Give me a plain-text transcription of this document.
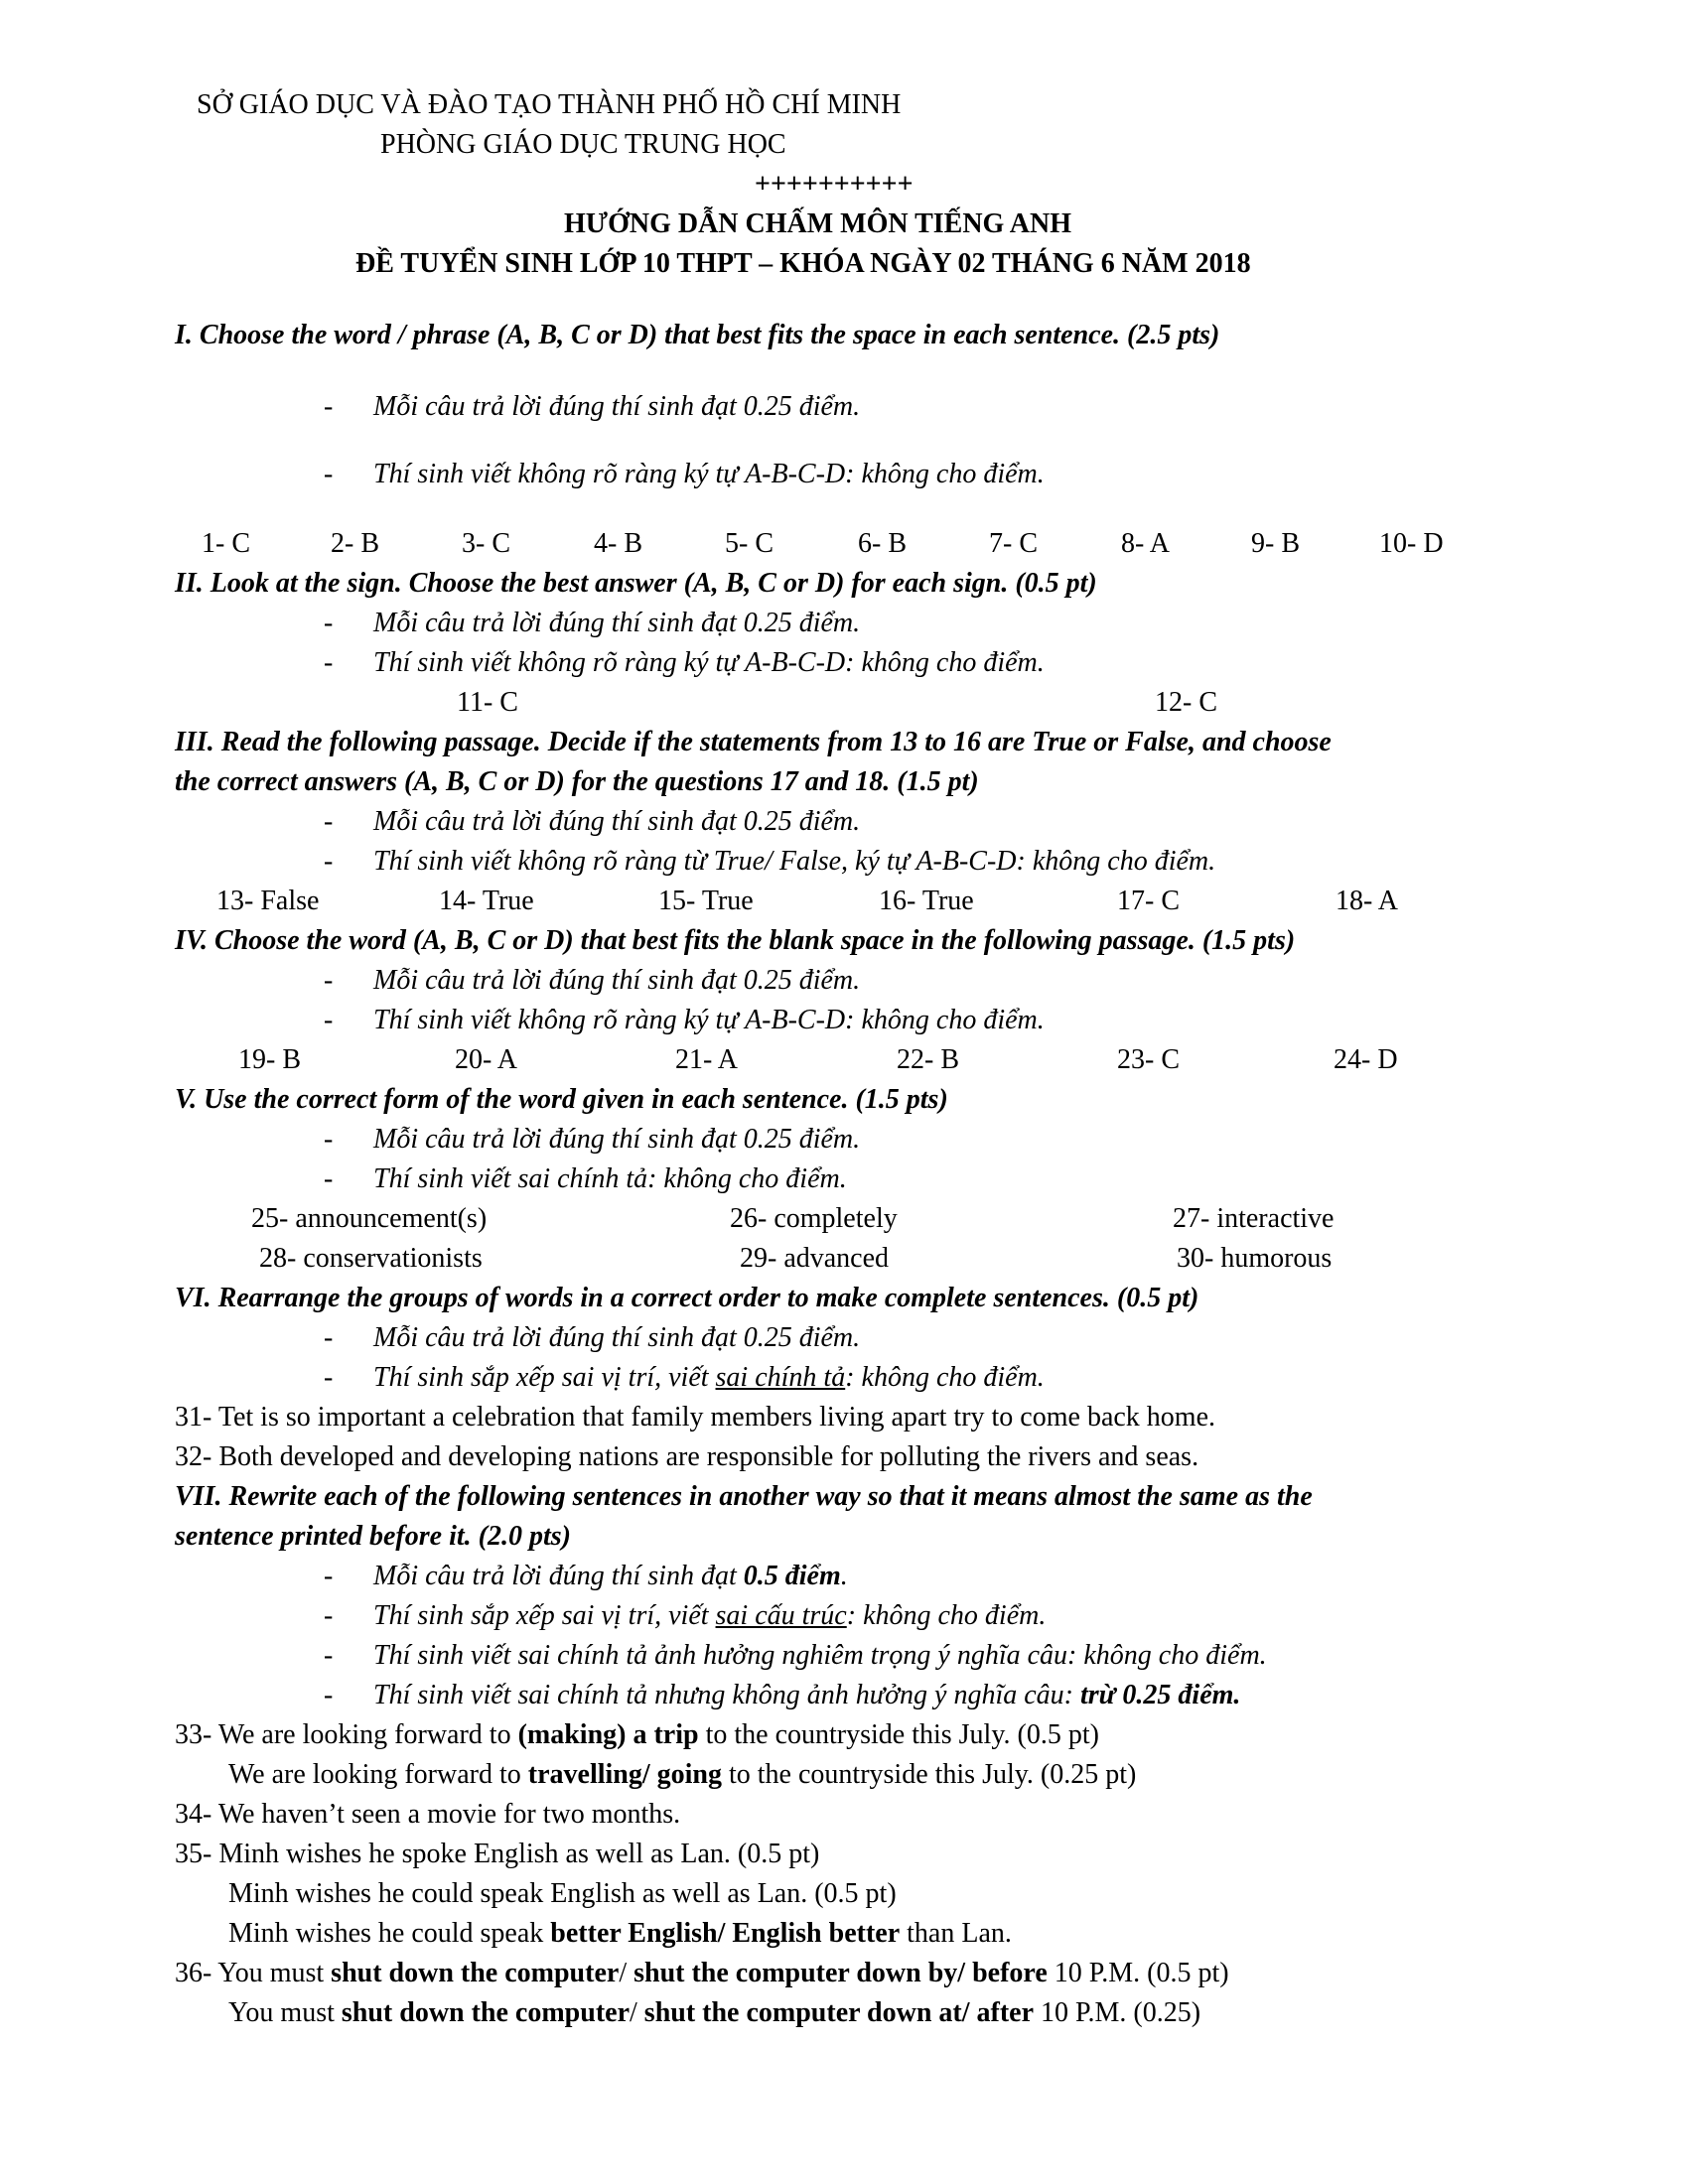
SỞ GIÁO DỤC VÀ ĐÀO TẠO THÀNH PHỐ HỒ CHÍ MINH
PHÒNG GIÁO DỤC TRUNG HỌC
++++++++++
HƯỚNG DẪN CHẤM MÔN TIẾNG ANH
ĐỀ TUYỂN SINH LỚP 10 THPT – KHÓA NGÀY 02 THÁNG 6 NĂM 2018
I. Choose the word / phrase (A, B, C or D) that best fits the space in each sentence. (2.5 pts)
- Mỗi câu trả lời đúng thí sinh đạt 0.25 điểm.
- Thí sinh viết không rõ ràng ký tự A-B-C-D: không cho điểm.
1- C	2- B	3- C	4- B	5- C	6- B	7- C	8- A	9- B	10- D
II. Look at the sign. Choose the best answer (A, B, C or D) for each sign. (0.5 pt)
- Mỗi câu trả lời đúng thí sinh đạt 0.25 điểm.
- Thí sinh viết không rõ ràng ký tự A-B-C-D: không cho điểm.
11- C	12- C
III. Read the following passage. Decide if the statements from 13 to 16 are True or False, and choose
the correct answers (A, B, C or D) for the questions 17 and 18. (1.5 pt)
- Mỗi câu trả lời đúng thí sinh đạt 0.25 điểm.
- Thí sinh viết không rõ ràng từ True/ False, ký tự A-B-C-D: không cho điểm.
13- False	14- True	15- True	16- True	17- C	18- A
IV. Choose the word (A, B, C or D) that best fits the blank space in the following passage. (1.5 pts)
- Mỗi câu trả lời đúng thí sinh đạt 0.25 điểm.
- Thí sinh viết không rõ ràng ký tự A-B-C-D: không cho điểm.
19- B	20- A	21- A	22- B	23- C	24- D
V. Use the correct form of the word given in each sentence. (1.5 pts)
- Mỗi câu trả lời đúng thí sinh đạt 0.25 điểm.
- Thí sinh viết sai chính tả: không cho điểm.
25- announcement(s)	26- completely	27- interactive
28- conservationists	29- advanced	30- humorous
VI. Rearrange the groups of words in a correct order to make complete sentences. (0.5 pt)
- Mỗi câu trả lời đúng thí sinh đạt 0.25 điểm.
- Thí sinh sắp xếp sai vị trí, viết sai chính tả: không cho điểm.
31- Tet is so important a celebration that family members living apart try to come back home.
32- Both developed and developing nations are responsible for polluting the rivers and seas.
VII. Rewrite each of the following sentences in another way so that it means almost the same as the
sentence printed before it. (2.0 pts)
- Mỗi câu trả lời đúng thí sinh đạt 0.5 điểm.
- Thí sinh sắp xếp sai vị trí, viết sai cấu trúc: không cho điểm.
- Thí sinh viết sai chính tả ảnh hưởng nghiêm trọng ý nghĩa câu: không cho điểm.
- Thí sinh viết sai chính tả nhưng không ảnh hưởng ý nghĩa câu: trừ 0.25 điểm.
33- We are looking forward to (making) a trip to the countryside this July. (0.5 pt)
We are looking forward to travelling/ going to the countryside this July. (0.25 pt)
34- We haven’t seen a movie for two months.
35- Minh wishes he spoke English as well as Lan. (0.5 pt)
Minh wishes he could speak English as well as Lan. (0.5 pt)
Minh wishes he could speak better English/ English better than Lan.
36- You must shut down the computer/ shut the computer down by/ before 10 P.M. (0.5 pt)
You must shut down the computer/ shut the computer down at/ after 10 P.M. (0.25)
